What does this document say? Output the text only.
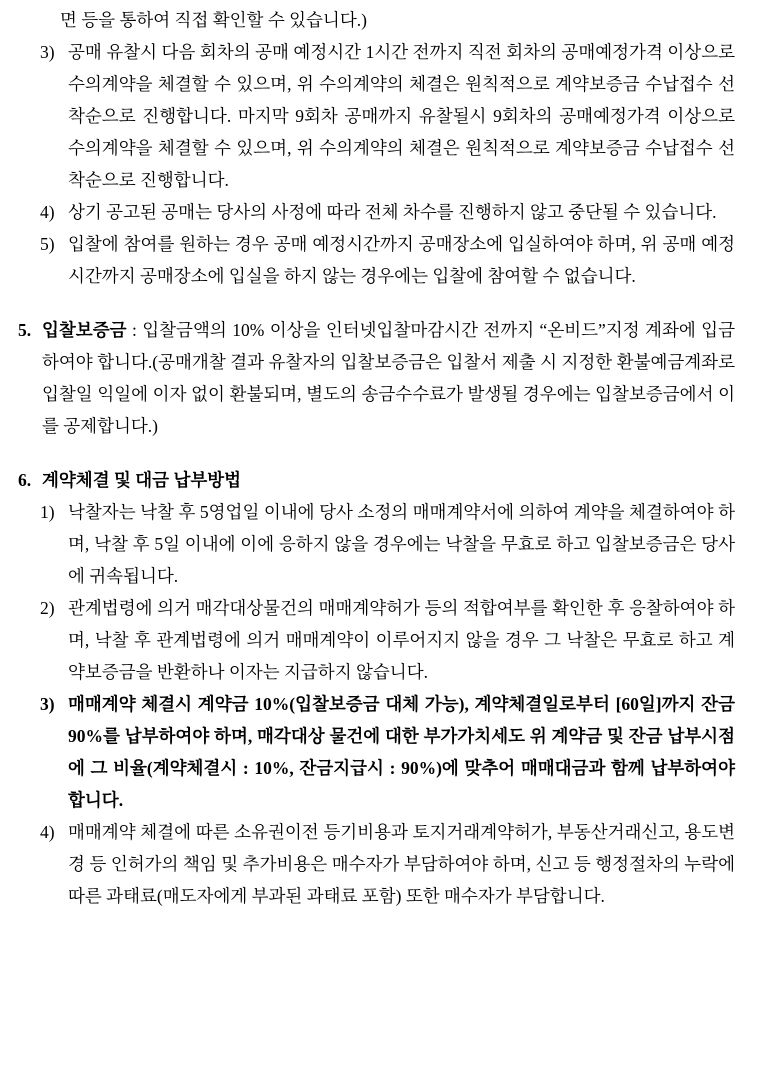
면 등을 통하여 직접 확인할 수 있습니다.)
3) 공매 유찰시 다음 회차의 공매 예정시간 1시간 전까지 직전 회차의 공매예정가격 이상으로 수의계약을 체결할 수 있으며, 위 수의계약의 체결은 원칙적으로 계약보증금 수납접수 선착순으로 진행합니다. 마지막 9회차 공매까지 유찰될시 9회차의 공매예정가격 이상으로 수의계약을 체결할 수 있으며, 위 수의계약의 체결은 원칙적으로 계약보증금 수납접수 선착순으로 진행합니다.
4) 상기 공고된 공매는 당사의 사정에 따라 전체 차수를 진행하지 않고 중단될 수 있습니다.
5) 입찰에 참여를 원하는 경우 공매 예정시간까지 공매장소에 입실하여야 하며, 위 공매 예정시간까지 공매장소에 입실을 하지 않는 경우에는 입찰에 참여할 수 없습니다.
5. 입찰보증금 : 입찰금액의 10% 이상을 인터넷입찰마감시간 전까지 “온비드”지정 계좌에 입금하여야 합니다.(공매개찰 결과 유찰자의 입찰보증금은 입찰서 제출 시 지정한 환불예금계좌로 입찰일 익일에 이자 없이 환불되며, 별도의 송금수수료가 발생될 경우에는 입찰보증금에서 이를 공제합니다.)
6. 계약체결 및 대금 납부방법
1) 낙찰자는 낙찰 후 5영업일 이내에 당사 소정의 매매계약서에 의하여 계약을 체결하여야 하며, 낙찰 후 5일 이내에 이에 응하지 않을 경우에는 낙찰을 무효로 하고 입찰보증금은 당사에 귀속됩니다.
2) 관계법령에 의거 매각대상물건의 매매계약허가 등의 적합여부를 확인한 후 응찰하여야 하며, 낙찰 후 관계법령에 의거 매매계약이 이루어지지 않을 경우 그 낙찰은 무효로 하고 계약보증금을 반환하나 이자는 지급하지 않습니다.
3) 매매계약 체결시 계약금 10%(입찰보증금 대체 가능), 계약체결일로부터 [60일]까지 잔금 90%를 납부하여야 하며, 매각대상 물건에 대한 부가가치세도 위 계약금 및 잔금 납부시점에 그 비율(계약체결시 : 10%, 잔금지급시 : 90%)에 맞추어 매매대금과 함께 납부하여야 합니다.
4) 매매계약 체결에 따른 소유권이전 등기비용과 토지거래계약허가, 부동산거래신고, 용도변경 등 인허가의 책임 및 추가비용은 매수자가 부담하여야 하며, 신고 등 행정절차의 누락에 따른 과태료(매도자에게 부과된 과태료 포함) 또한 매수자가 부담합니다.
